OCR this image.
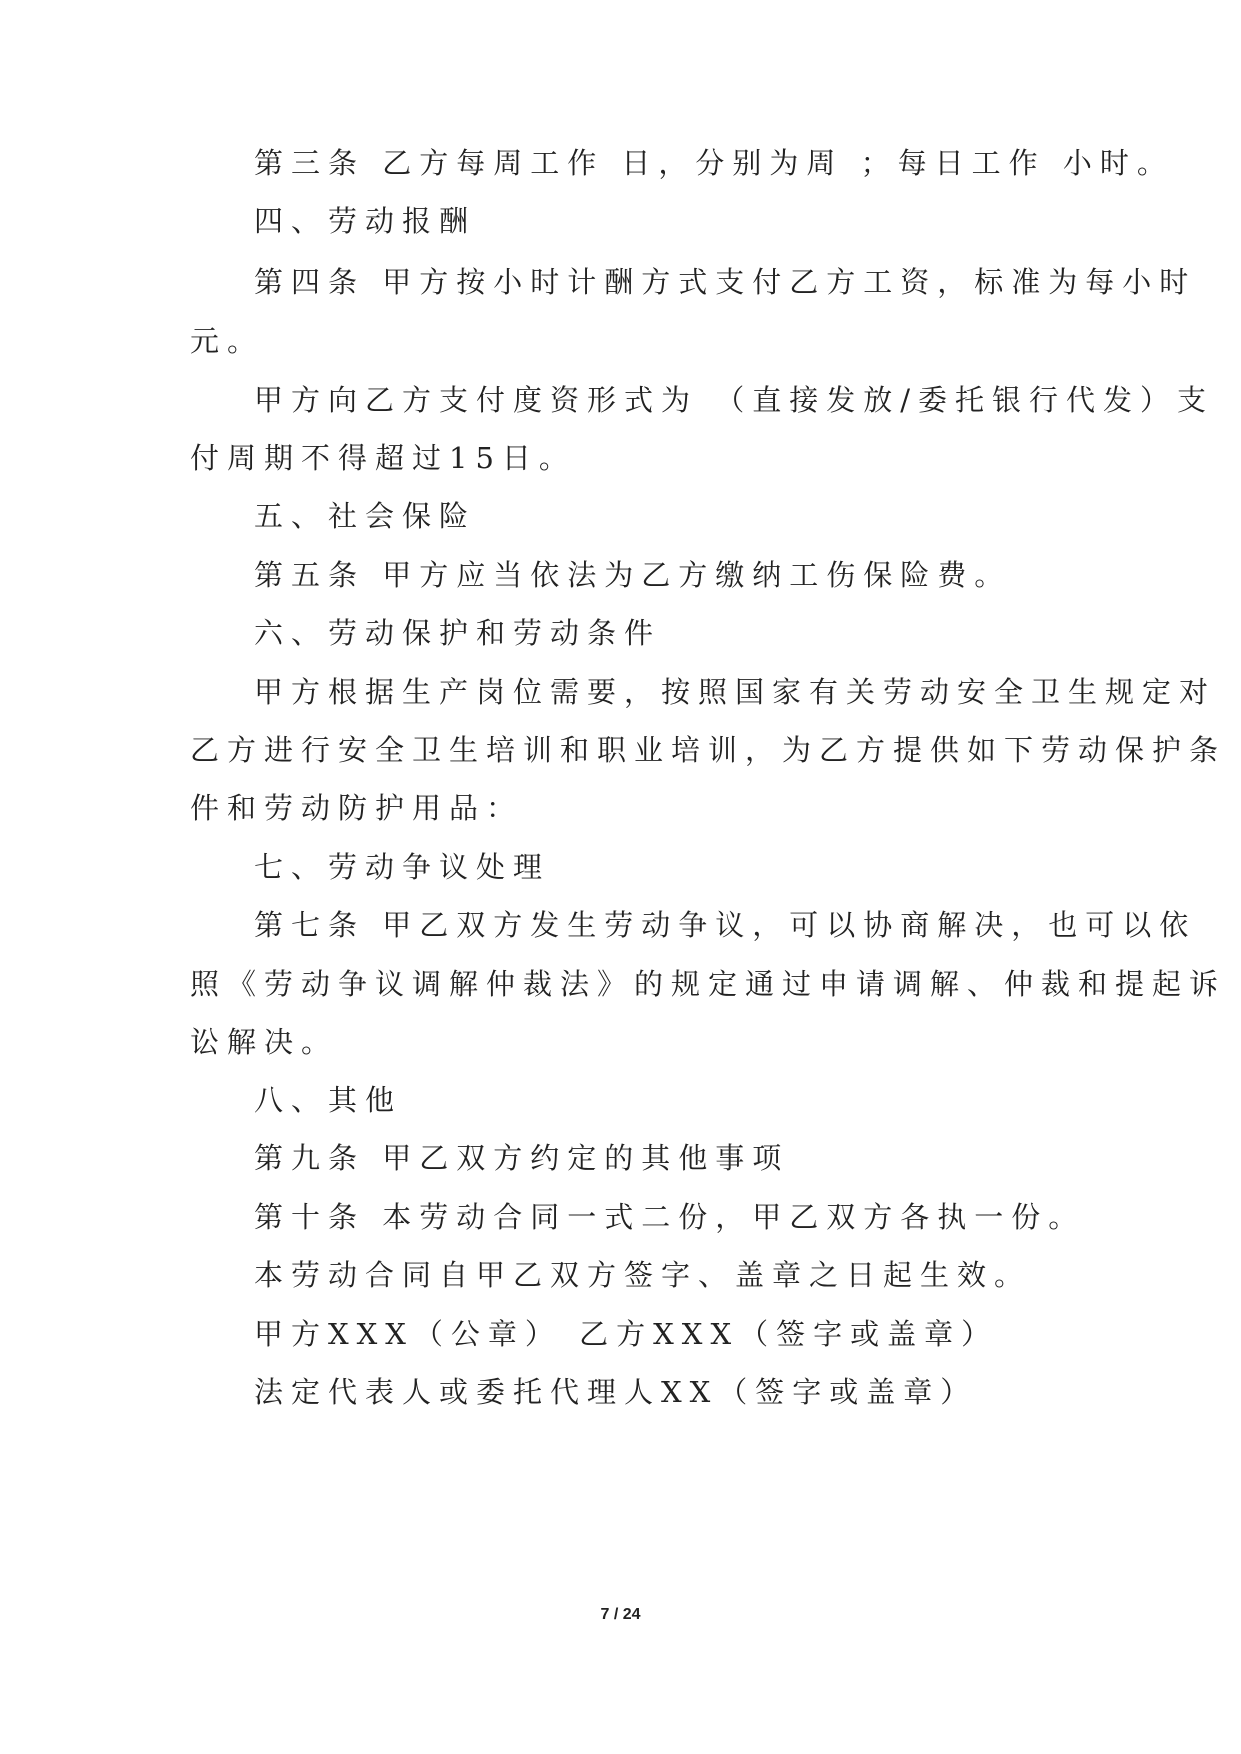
第三条 乙方每周工作 日，分别为周 ；每日工作 小时。
四、劳动报酬
第四条 甲方按小时计酬方式支付乙方工资，标准为每小时
元。
甲方向乙方支付度资形式为 （直接发放/委托银行代发）支
付周期不得超过15日。
五、社会保险
第五条 甲方应当依法为乙方缴纳工伤保险费。
六、劳动保护和劳动条件
甲方根据生产岗位需要，按照国家有关劳动安全卫生规定对
乙方进行安全卫生培训和职业培训，为乙方提供如下劳动保护条
件和劳动防护用品：
七、劳动争议处理
第七条 甲乙双方发生劳动争议，可以协商解决，也可以依
照《劳动争议调解仲裁法》的规定通过申请调解、仲裁和提起诉
讼解决。
八、其他
第九条 甲乙双方约定的其他事项
第十条 本劳动合同一式二份，甲乙双方各执一份。
本劳动合同自甲乙双方签字、盖章之日起生效。
甲方XXX（公章） 乙方XXX（签字或盖章）
法定代表人或委托代理人XX（签字或盖章）
7 / 24
